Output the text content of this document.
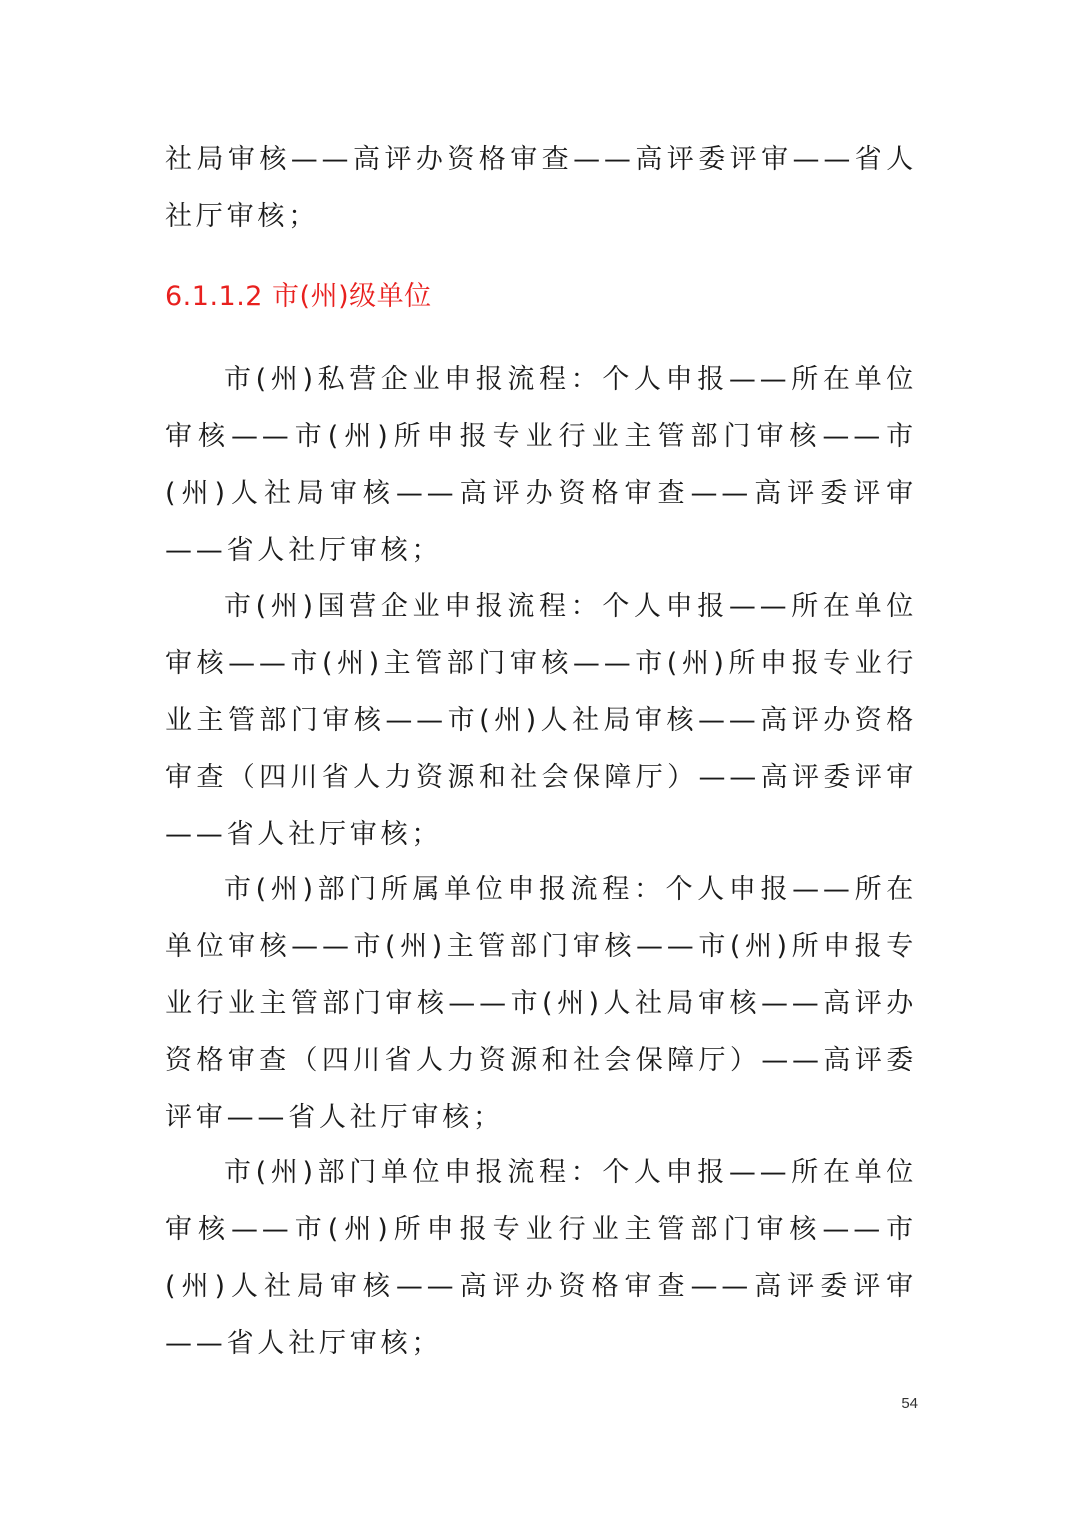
社局审核——高评办资格审查——高评委评审——省人社厅审核；

6.1.1.2 市(州)级单位

市(州)私营企业申报流程：个人申报——所在单位审核——市(州)所申报专业行业主管部门审核——市(州)人社局审核——高评办资格审查——高评委评审——省人社厅审核；

市(州)国营企业申报流程：个人申报——所在单位审核——市(州)主管部门审核——市(州)所申报专业行业主管部门审核——市(州)人社局审核——高评办资格审查（四川省人力资源和社会保障厅）——高评委评审——省人社厅审核；

市(州)部门所属单位申报流程：个人申报——所在单位审核——市(州)主管部门审核——市(州)所申报专业行业主管部门审核——市(州)人社局审核——高评办资格审查（四川省人力资源和社会保障厅）——高评委评审——省人社厅审核；

市(州)部门单位申报流程：个人申报——所在单位审核——市(州)所申报专业行业主管部门审核——市(州)人社局审核——高评办资格审查——高评委评审——省人社厅审核；

54
